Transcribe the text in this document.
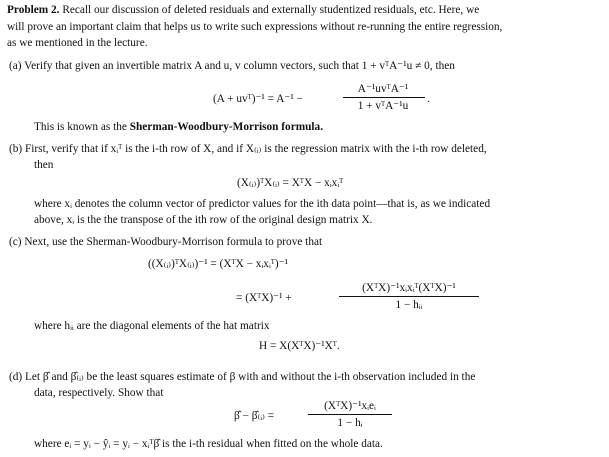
Problem 2. Recall our discussion of deleted residuals and externally studentized residuals, etc. Here, we
will prove an important claim that helps us to write such expressions without re-running the entire regression,
as we mentioned in the lecture.
(a) Verify that given an invertible matrix A and u, v column vectors, such that 1 + vᵀA⁻¹u ≠ 0, then
(A + uvᵀ)⁻¹ = A⁻¹ −
A⁻¹uvᵀA⁻¹
1 + vᵀA⁻¹u
.
This is known as the Sherman-Woodbury-Morrison formula.
(b) First, verify that if xᵢᵀ is the i-th row of X, and if X₍ᵢ₎ is the regression matrix with the i-th row deleted,
then
(X₍ᵢ₎)ᵀX₍ᵢ₎ = XᵀX − xᵢxᵢᵀ
where xᵢ denotes the column vector of predictor values for the ith data point—that is, as we indicated
above, xᵢ is the the transpose of the ith row of the original design matrix X.
(c) Next, use the Sherman-Woodbury-Morrison formula to prove that
((X₍ᵢ₎)ᵀX₍ᵢ₎)⁻¹ = (XᵀX − xᵢxᵢᵀ)⁻¹
= (XᵀX)⁻¹ +
(XᵀX)⁻¹xᵢxᵢᵀ(XᵀX)⁻¹
1 − hᵢᵢ
where hᵢᵢ are the diagonal elements of the hat matrix
H = X(XᵀX)⁻¹Xᵀ.
(d) Let β̂ and β̂₍ᵢ₎ be the least squares estimate of β with and without the i-th observation included in the
data, respectively. Show that
β̂ − β̂₍ᵢ₎ =
(XᵀX)⁻¹xᵢeᵢ
1 − hᵢ
where eᵢ = yᵢ − ŷᵢ = yᵢ − xᵢᵀβ̂ is the i-th residual when fitted on the whole data.
